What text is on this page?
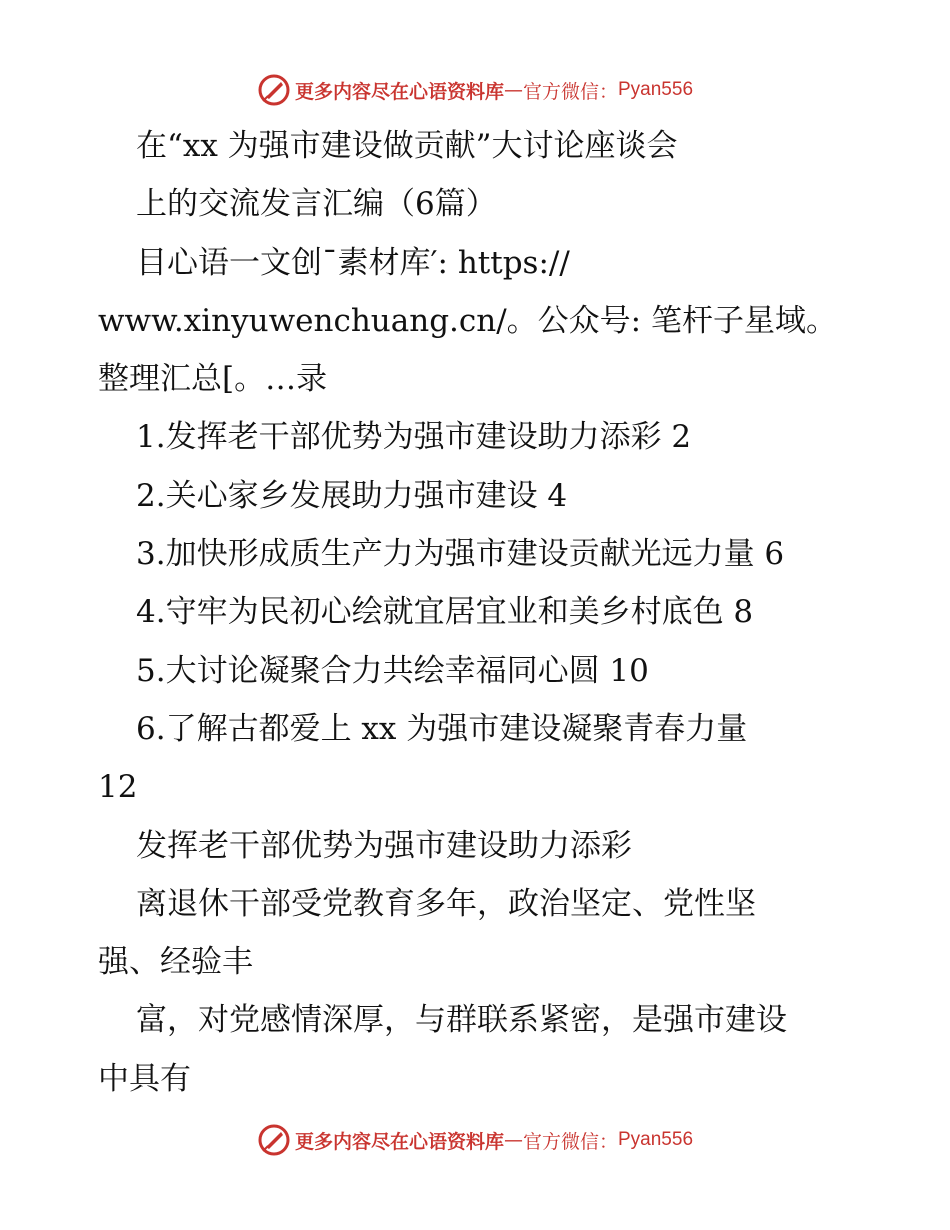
更多内容尽在心语资料库 — 官方微信： Pyan556
在“xx 为强市建设做贡献”大讨论座谈会
上的交流发言汇编（6篇）
目心语一文创¯素材库′: https://
www.xinyuwenchuang.cn/。公众号: 笔杆子星域。
整理汇总[。…录
1.发挥老干部优势为强市建设助力添彩 2
2.关心家乡发展助力强市建设 4
3.加快形成质生产力为强市建设贡献光远力量 6
4.守牢为民初心绘就宜居宜业和美乡村底色 8
5.大讨论凝聚合力共绘幸福同心圆 10
6.了解古都爱上 xx 为强市建设凝聚青春力量
12
发挥老干部优势为强市建设助力添彩
离退休干部受党教育多年，政治坚定、党性坚
强、经验丰
富，对党感情深厚，与群联系紧密，是强市建设
中具有
更多内容尽在心语资料库 — 官方微信： Pyan556
